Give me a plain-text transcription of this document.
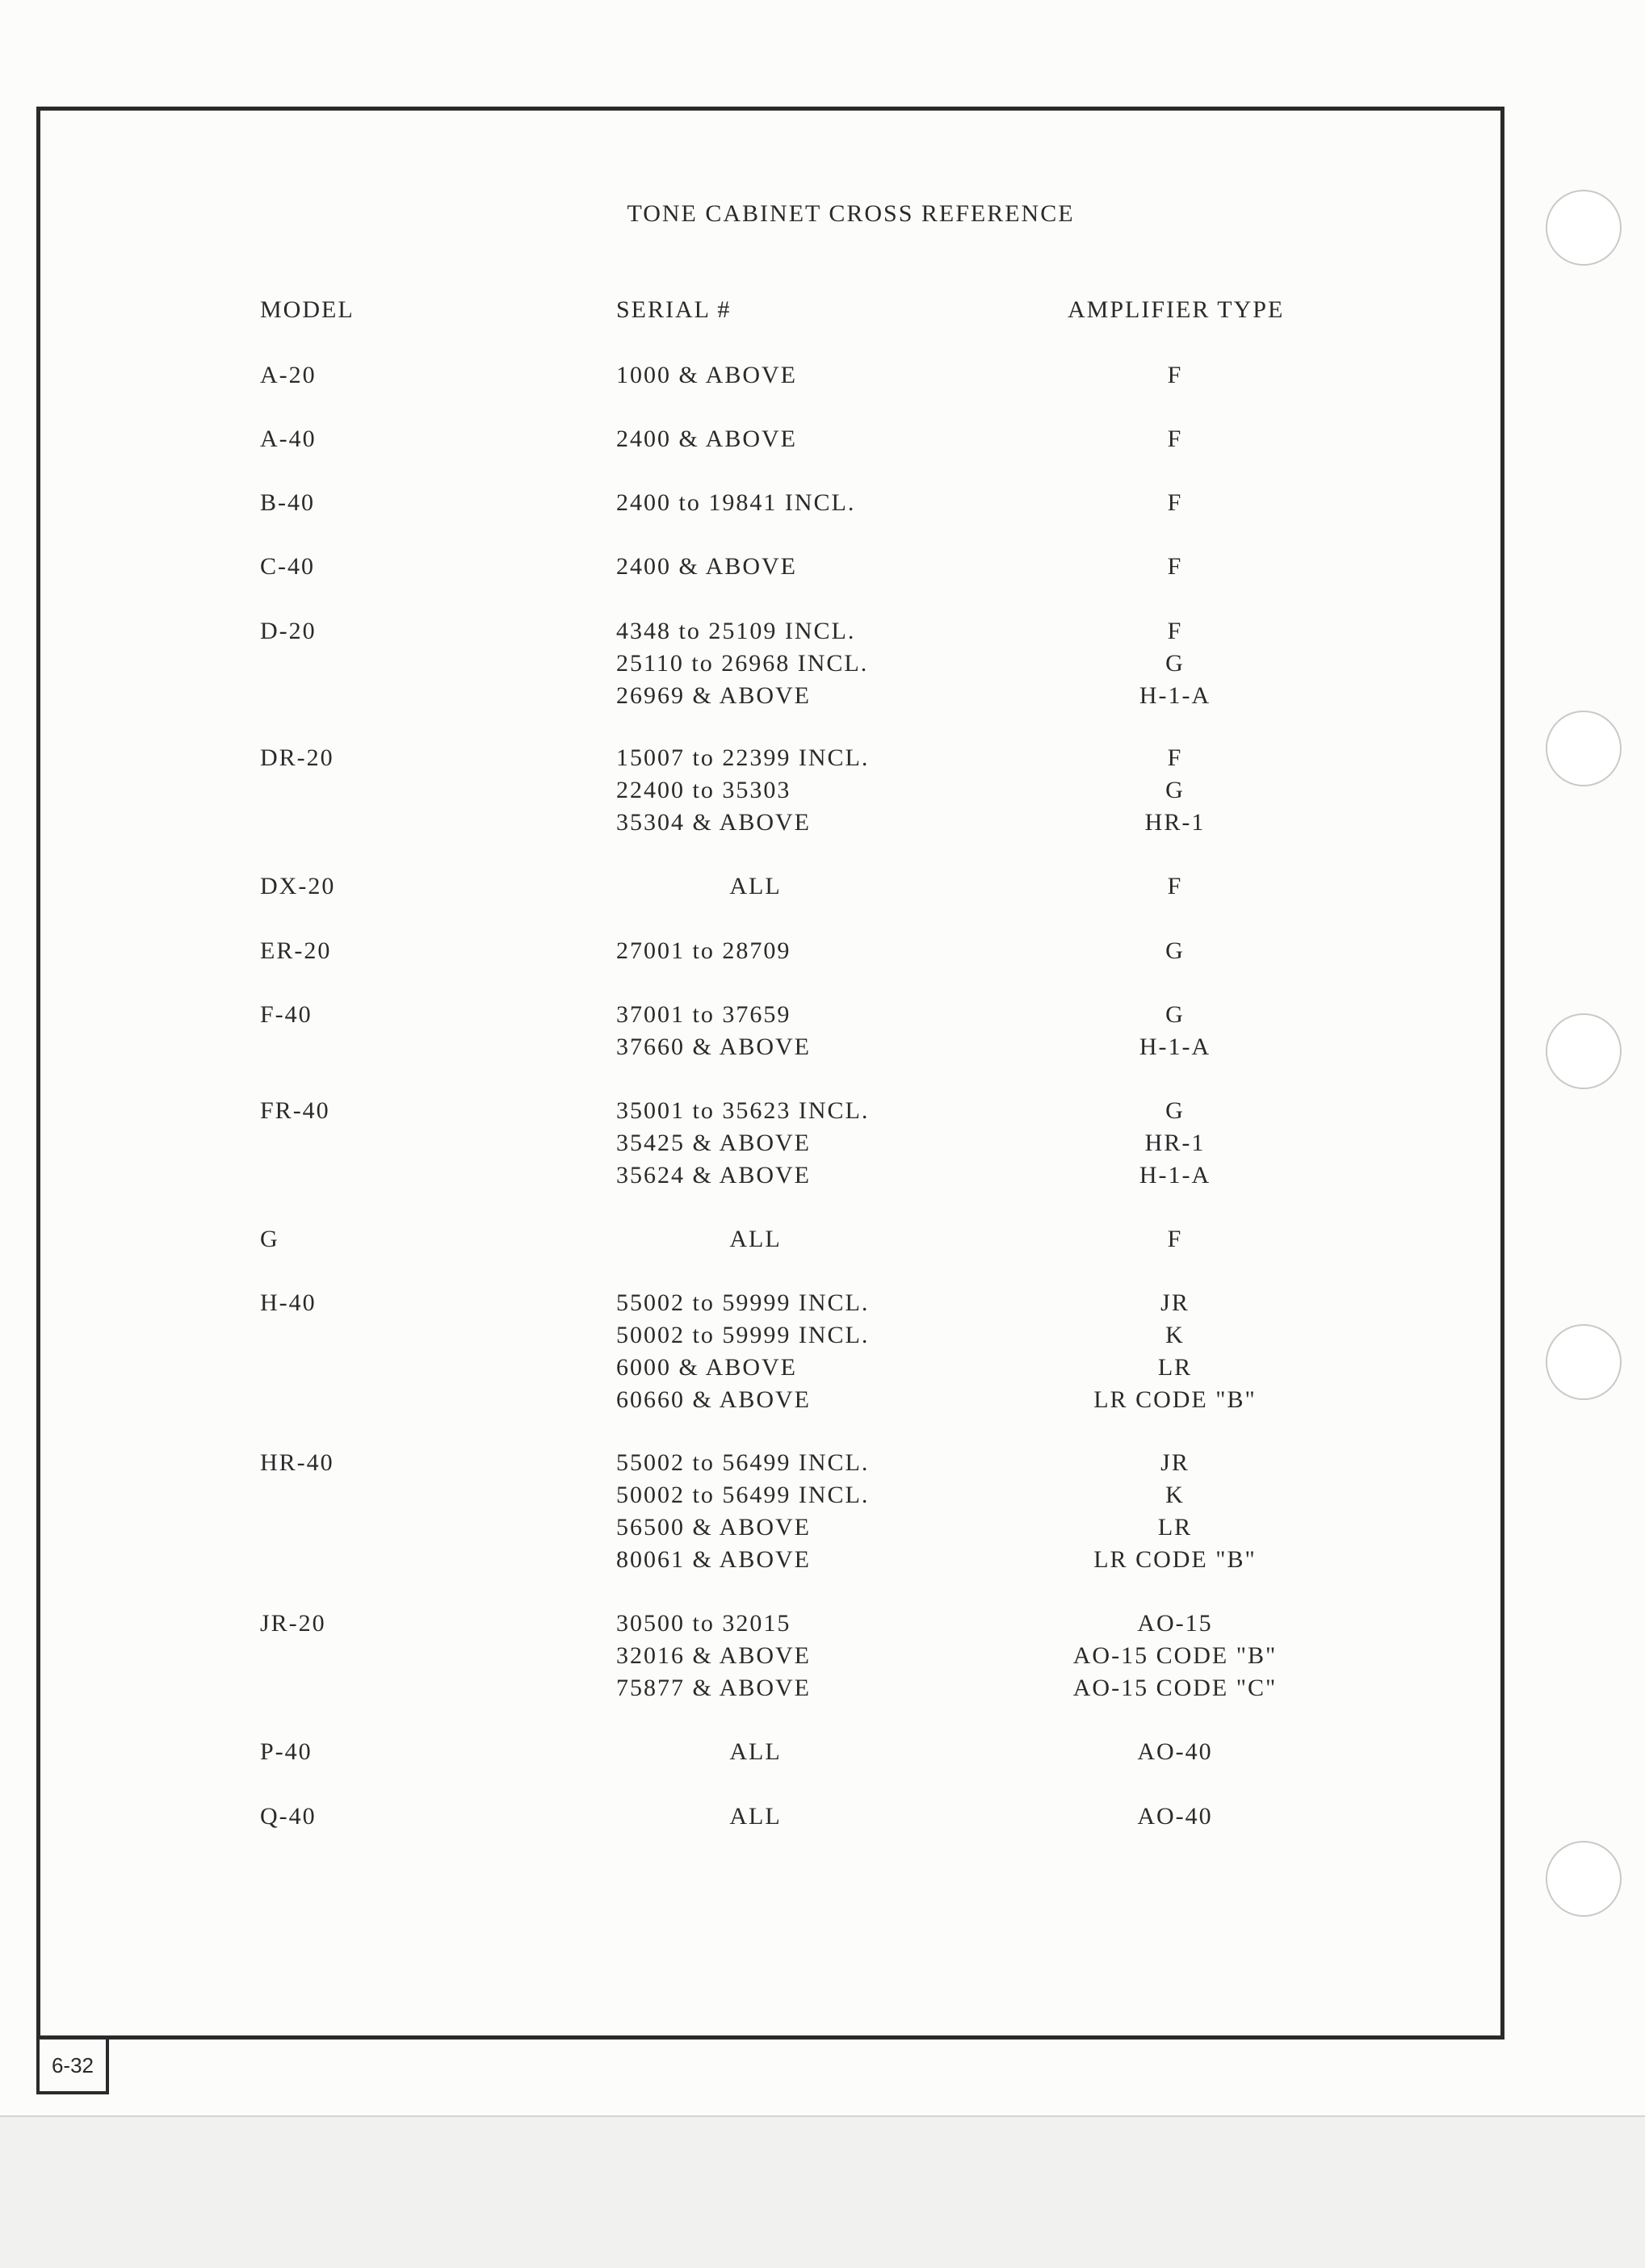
TONE CABINET CROSS REFERENCE
MODEL	SERIAL #	AMPLIFIER TYPE
A-20	1000 & ABOVE	F
A-40	2400 & ABOVE	F
B-40	2400 to 19841 INCL.	F
C-40	2400 & ABOVE	F
D-20	4348 to 25109 INCL.	F
25110 to 26968 INCL.	G
26969 & ABOVE	H-1-A
DR-20	15007 to 22399 INCL.	F
22400 to 35303	G
35304 & ABOVE	HR-1
DX-20	ALL	F
ER-20	27001 to 28709	G
F-40	37001 to 37659	G
37660 & ABOVE	H-1-A
FR-40	35001 to 35623 INCL.	G
35425 & ABOVE	HR-1
35624 & ABOVE	H-1-A
G	ALL	F
H-40	55002 to 59999 INCL.	JR
50002 to 59999 INCL.	K
6000 & ABOVE	LR
60660 & ABOVE	LR CODE "B"
HR-40	55002 to 56499 INCL.	JR
50002 to 56499 INCL.	K
56500 & ABOVE	LR
80061 & ABOVE	LR CODE "B"
JR-20	30500 to 32015	AO-15
32016 & ABOVE	AO-15 CODE "B"
75877 & ABOVE	AO-15 CODE "C"
P-40	ALL	AO-40
Q-40	ALL	AO-40
6-32
